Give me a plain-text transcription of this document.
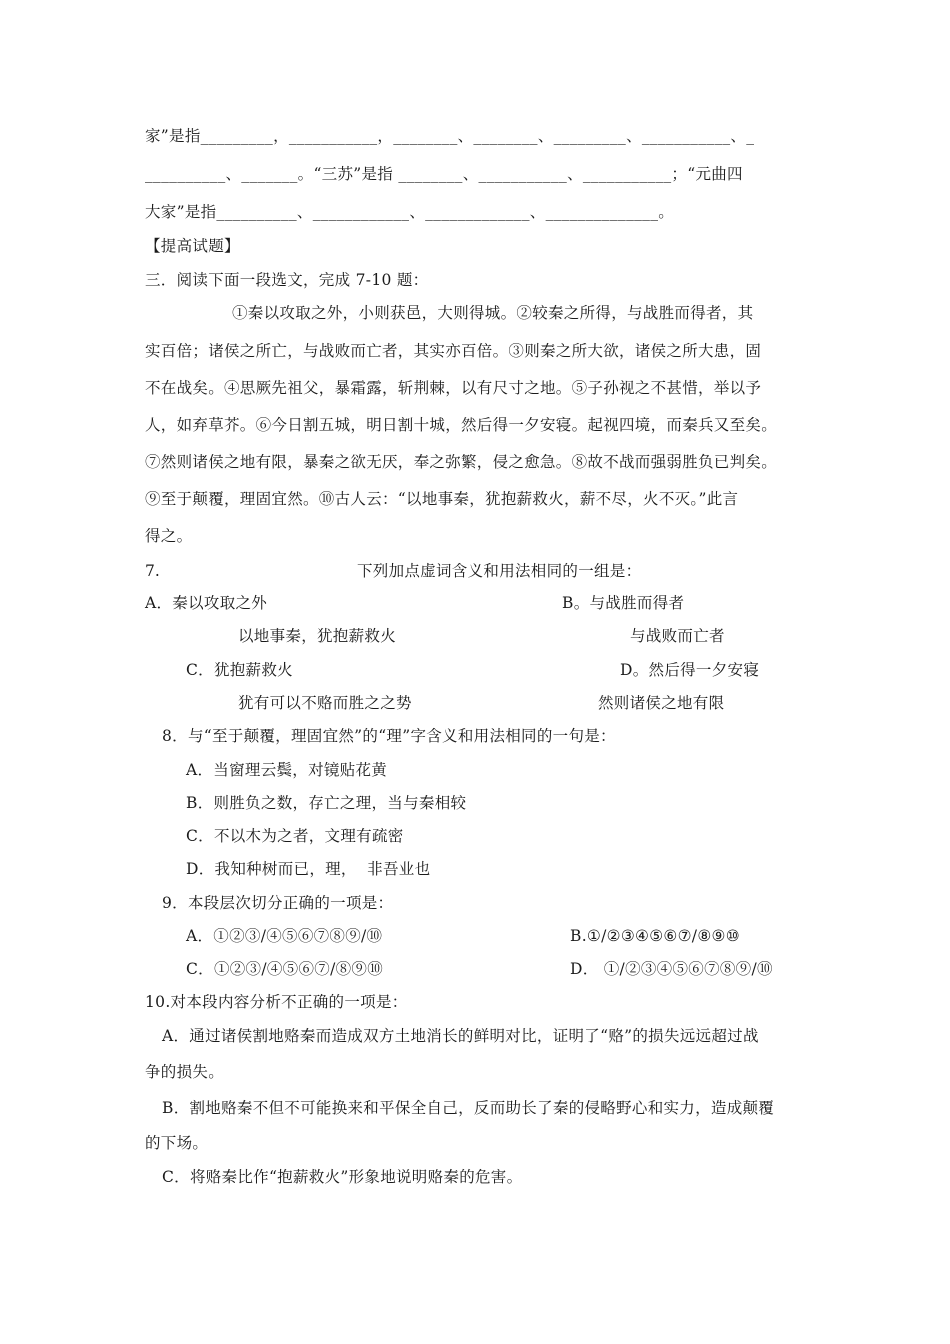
家”是指_________，___________，________、________、_________、___________、_
__________、_______。“三苏”是指 ________、___________、___________；“元曲四
大家”是指__________、____________、_____________、______________。
【提高试题】
三．阅读下面一段选文，完成 7-10 题：
①秦以攻取之外，小则获邑，大则得城。②较秦之所得，与战胜而得者，其
实百倍；诸侯之所亡，与战败而亡者，其实亦百倍。③则秦之所大欲，诸侯之所大患，固
不在战矣。④思厥先祖父，暴霜露，斩荆棘，以有尺寸之地。⑤子孙视之不甚惜，举以予
人，如弃草芥。⑥今日割五城，明日割十城，然后得一夕安寝。起视四境，而秦兵又至矣。
⑦然则诸侯之地有限，暴秦之欲无厌，奉之弥繁，侵之愈急。⑧故不战而强弱胜负已判矣。
⑨至于颠覆，理固宜然。⑩古人云：“以地事秦，犹抱薪救火，薪不尽，火不灭。”此言
得之。
7.	下列加点虚词含义和用法相同的一组是：
A．秦以攻取之外	B。与战胜而得者
以地事秦，犹抱薪救火	与战败而亡者
C．犹抱薪救火	D。然后得一夕安寝
犹有可以不赂而胜之之势	然则诸侯之地有限
8．与“至于颠覆，理固宜然”的“理”字含义和用法相同的一句是：
A．当窗理云鬓，对镜贴花黄
B．则胜负之数，存亡之理，当与秦相较
C．不以木为之者，文理有疏密
D．我知种树而已，理，  非吾业也
9．本段层次切分正确的一项是：
A．①②③/④⑤⑥⑦⑧⑨/⑩	B.①/②③④⑤⑥⑦/⑧⑨⑩
C．①②③/④⑤⑥⑦/⑧⑨⑩	D． ①/②③④⑤⑥⑦⑧⑨/⑩
10.对本段内容分析不正确的一项是：
A．通过诸侯割地赂秦而造成双方土地消长的鲜明对比，证明了“赂”的损失远远超过战
争的损失。
B．割地赂秦不但不可能换来和平保全自己，反而助长了秦的侵略野心和实力，造成颠覆
的下场。
C．将赂秦比作“抱薪救火”形象地说明赂秦的危害。
